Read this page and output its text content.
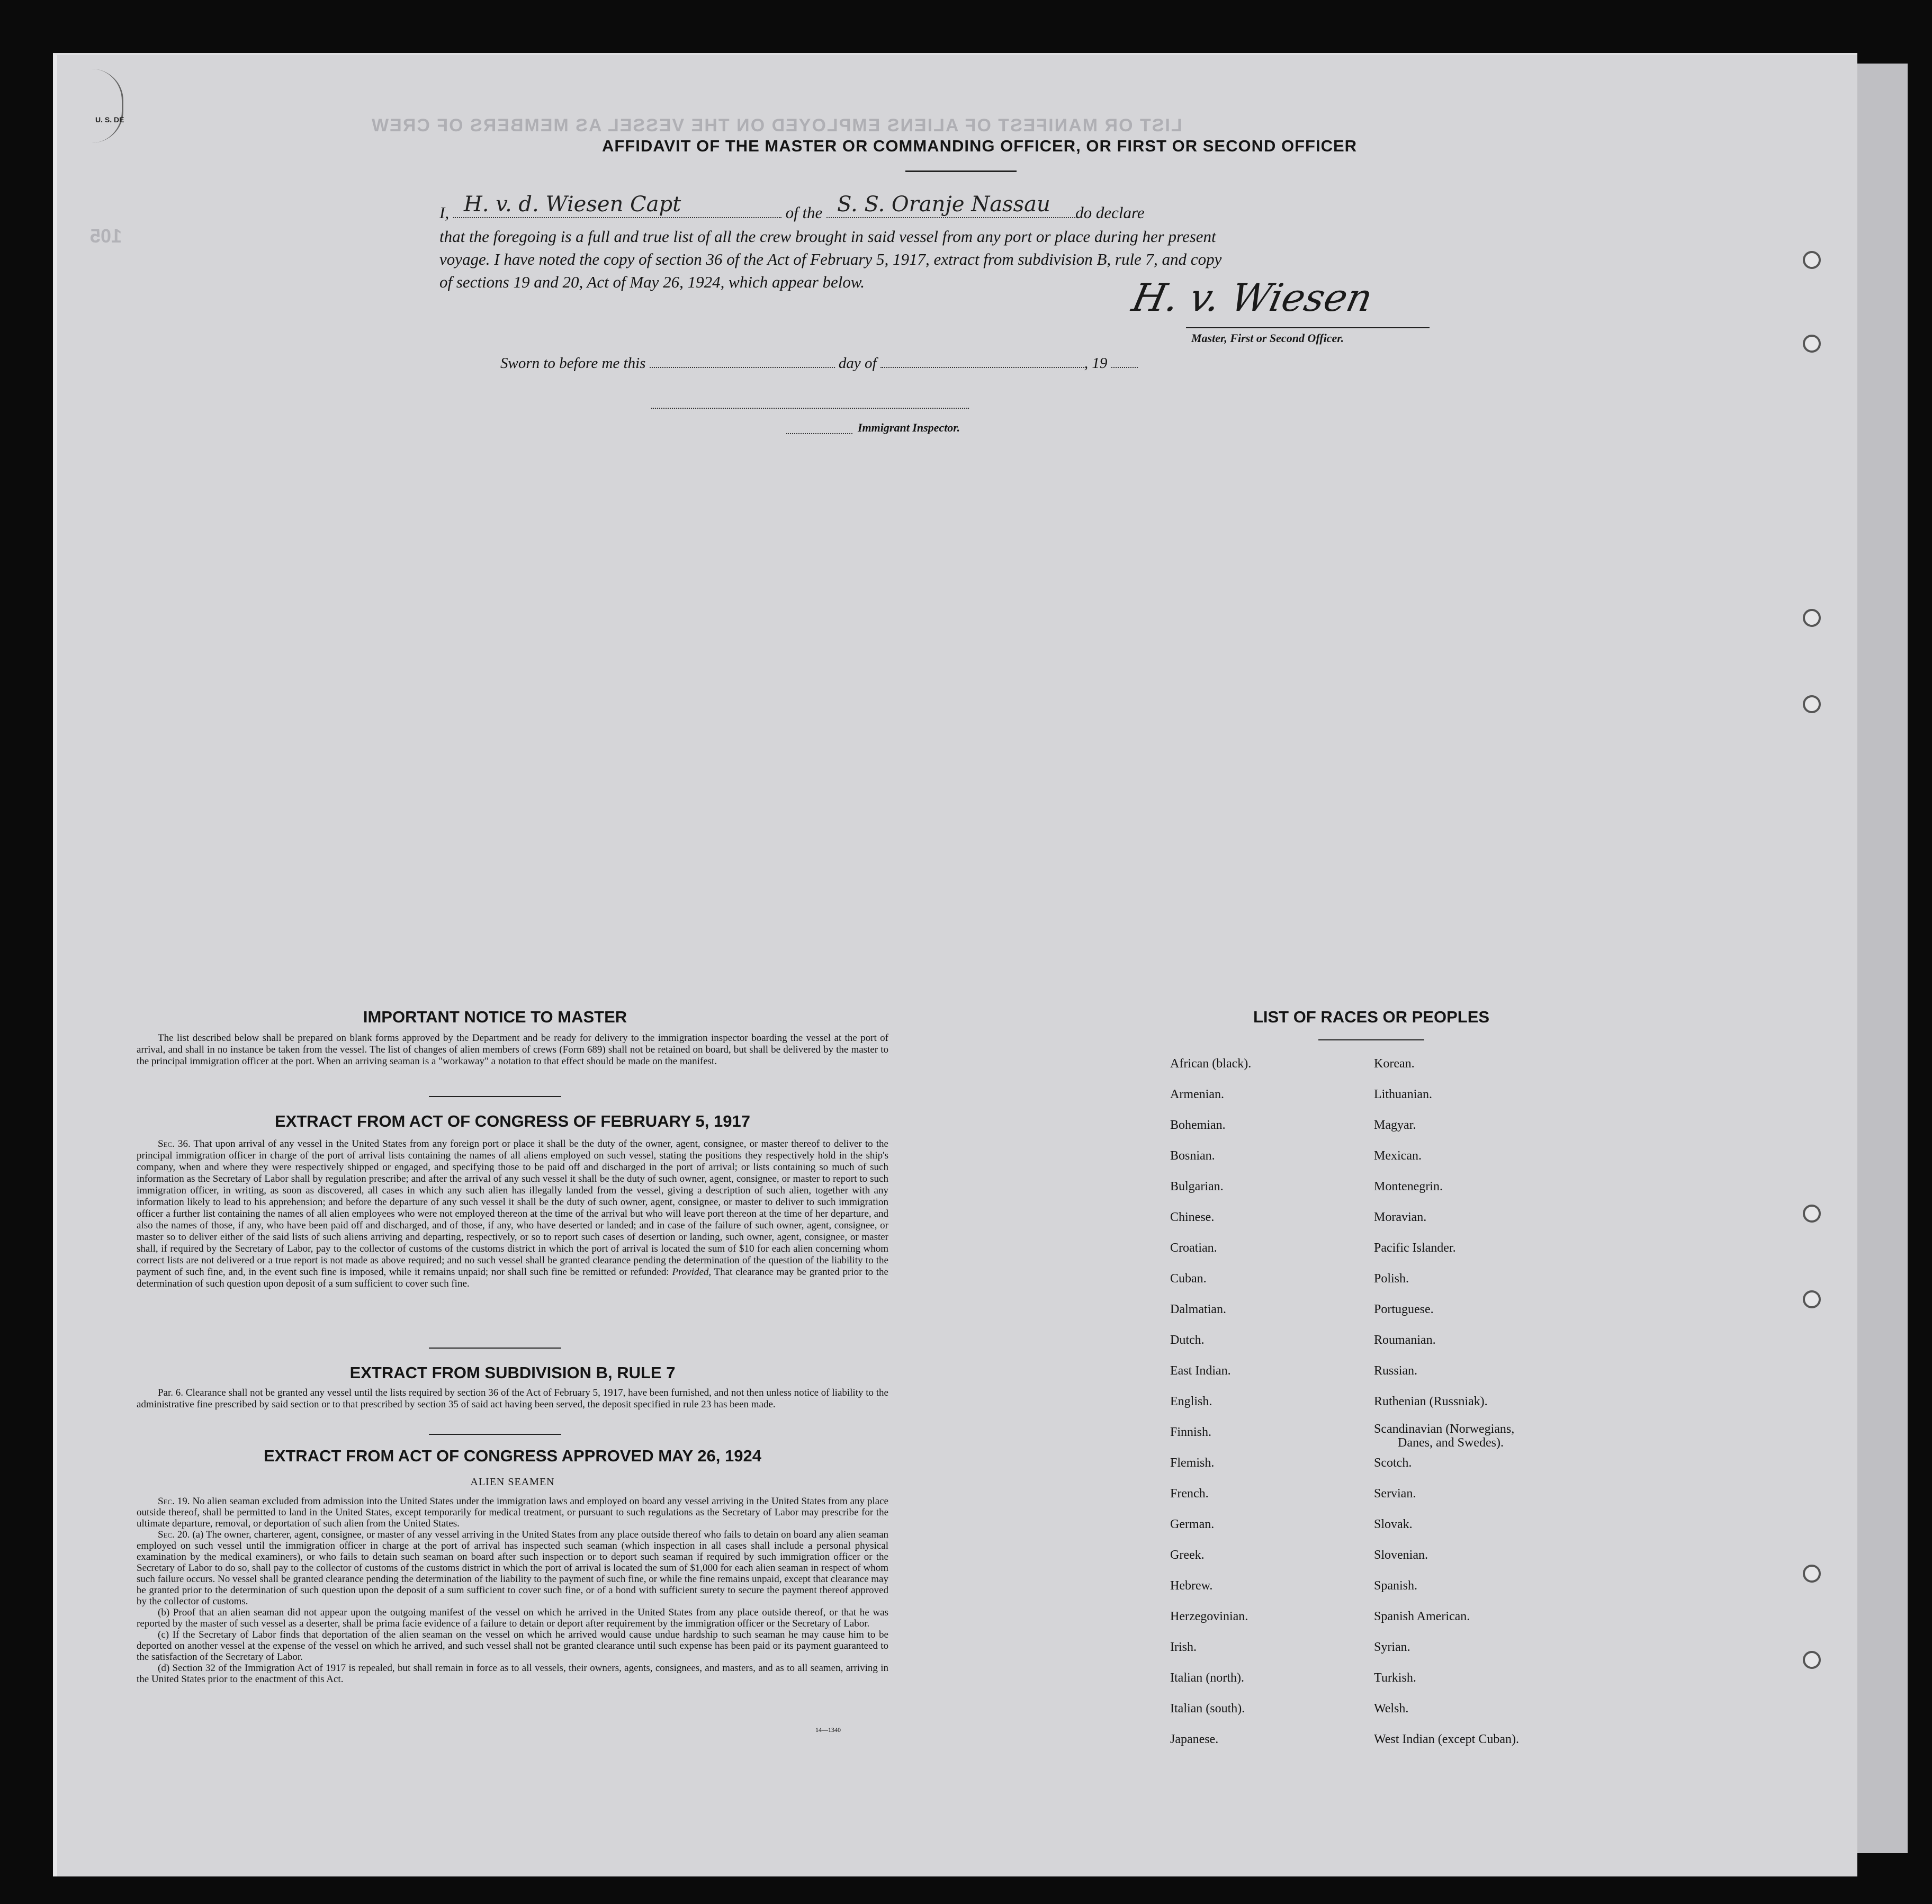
U. S. DE	LIST OR MANIFEST OF ALIENS EMPLOYED ON THE VESSEL AS MEMBERS OF CREW
105
AFFIDAVIT OF THE MASTER OR COMMANDING OFFICER, OR FIRST OR SECOND OFFICER
I, H. v. d. Wiesen Capt	of the S. S. Oranje Nassau do declare
that the foregoing is a full and true list of all the crew brought in said vessel from any port or place during her present
voyage. I have noted the copy of section 36 of the Act of February 5, 1917, extract from subdivision B, rule 7, and copy
of sections 19 and 20, Act of May 26, 1924, which appear below.	H. v. Wiesen
Master, First or Second Officer.
Sworn to before me this	day of	, 19
Immigrant Inspector.
IMPORTANT NOTICE TO MASTER
The list described below shall be prepared on blank forms approved by the Department and be ready for delivery to the immigration inspector boarding the vessel at the port of arrival, and shall in no instance be taken from the vessel. The list of changes of alien members of crews (Form 689) shall not be retained on board, but shall be delivered by the master to the principal immigration officer at the port. When an arriving seaman is a "workaway" a notation to that effect should be made on the manifest.
EXTRACT FROM ACT OF CONGRESS OF FEBRUARY 5, 1917
Sec. 36. That upon arrival of any vessel in the United States from any foreign port or place it shall be the duty of the owner, agent, consignee, or master thereof to deliver to the principal immigration officer in charge of the port of arrival lists containing the names of all aliens employed on such vessel, stating the positions they respectively hold in the ship's company, when and where they were respectively shipped or engaged, and specifying those to be paid off and discharged in the port of arrival; or lists containing so much of such information as the Secretary of Labor shall by regulation prescribe; and after the arrival of any such vessel it shall be the duty of such owner, agent, consignee, or master to report to such immigration officer, in writing, as soon as discovered, all cases in which any such alien has illegally landed from the vessel, giving a description of such alien, together with any information likely to lead to his apprehension; and before the departure of any such vessel it shall be the duty of such owner, agent, consignee, or master to deliver to such immigration officer a further list containing the names of all alien employees who were not employed thereon at the time of the arrival but who will leave port thereon at the time of her departure, and also the names of those, if any, who have been paid off and discharged, and of those, if any, who have deserted or landed; and in case of the failure of such owner, agent, consignee, or master so to deliver either of the said lists of such aliens arriving and departing, respectively, or so to report such cases of desertion or landing, such owner, agent, consignee, or master shall, if required by the Secretary of Labor, pay to the collector of customs of the customs district in which the port of arrival is located the sum of $10 for each alien concerning whom correct lists are not delivered or a true report is not made as above required; and no such vessel shall be granted clearance pending the determination of the question of the liability to the payment of such fine, and, in the event such fine is imposed, while it remains unpaid; nor shall such fine be remitted or refunded: Provided, That clearance may be granted prior to the determination of such question upon deposit of a sum sufficient to cover such fine.
EXTRACT FROM SUBDIVISION B, RULE 7
Par. 6. Clearance shall not be granted any vessel until the lists required by section 36 of the Act of February 5, 1917, have been furnished, and not then unless notice of liability to the administrative fine prescribed by said section or to that prescribed by section 35 of said act having been served, the deposit specified in rule 23 has been made.
EXTRACT FROM ACT OF CONGRESS APPROVED MAY 26, 1924
ALIEN SEAMEN
Sec. 19. No alien seaman excluded from admission into the United States under the immigration laws and employed on board any vessel arriving in the United States from any place outside thereof, shall be permitted to land in the United States, except temporarily for medical treatment, or pursuant to such regulations as the Secretary of Labor may prescribe for the ultimate departure, removal, or deportation of such alien from the United States.
Sec. 20. (a) The owner, charterer, agent, consignee, or master of any vessel arriving in the United States from any place outside thereof who fails to detain on board any alien seaman employed on such vessel until the immigration officer in charge at the port of arrival has inspected such seaman (which inspection in all cases shall include a personal physical examination by the medical examiners), or who fails to detain such seaman on board after such inspection or to deport such seaman if required by such immigration officer or the Secretary of Labor to do so, shall pay to the collector of customs of the customs district in which the port of arrival is located the sum of $1,000 for each alien seaman in respect of whom such failure occurs. No vessel shall be granted clearance pending the determination of the liability to the payment of such fine, or while the fine remains unpaid, except that clearance may be granted prior to the determination of such question upon the deposit of a sum sufficient to cover such fine, or of a bond with sufficient surety to secure the payment thereof approved by the collector of customs.
(b) Proof that an alien seaman did not appear upon the outgoing manifest of the vessel on which he arrived in the United States from any place outside thereof, or that he was reported by the master of such vessel as a deserter, shall be prima facie evidence of a failure to detain or deport after requirement by the immigration officer or the Secretary of Labor.
(c) If the Secretary of Labor finds that deportation of the alien seaman on the vessel on which he arrived would cause undue hardship to such seaman he may cause him to be deported on another vessel at the expense of the vessel on which he arrived, and such vessel shall not be granted clearance until such expense has been paid or its payment guaranteed to the satisfaction of the Secretary of Labor.
(d) Section 32 of the Immigration Act of 1917 is repealed, but shall remain in force as to all vessels, their owners, agents, consignees, and masters, and as to all seamen, arriving in the United States prior to the enactment of this Act.
14—1340
LIST OF RACES OR PEOPLES
African (black).
Armenian.
Bohemian.
Bosnian.
Bulgarian.
Chinese.
Croatian.
Cuban.
Dalmatian.
Dutch.
East Indian.
English.
Finnish.
Flemish.
French.
German.
Greek.
Hebrew.
Herzegovinian.
Irish.
Italian (north).
Italian (south).
Japanese.
Korean.
Lithuanian.
Magyar.
Mexican.
Montenegrin.
Moravian.
Pacific Islander.
Polish.
Portuguese.
Roumanian.
Russian.
Ruthenian (Russniak).
Scandinavian (Norwegians,
Danes, and Swedes).
Scotch.
Servian.
Slovak.
Slovenian.
Spanish.
Spanish American.
Syrian.
Turkish.
Welsh.
West Indian (except Cuban).
